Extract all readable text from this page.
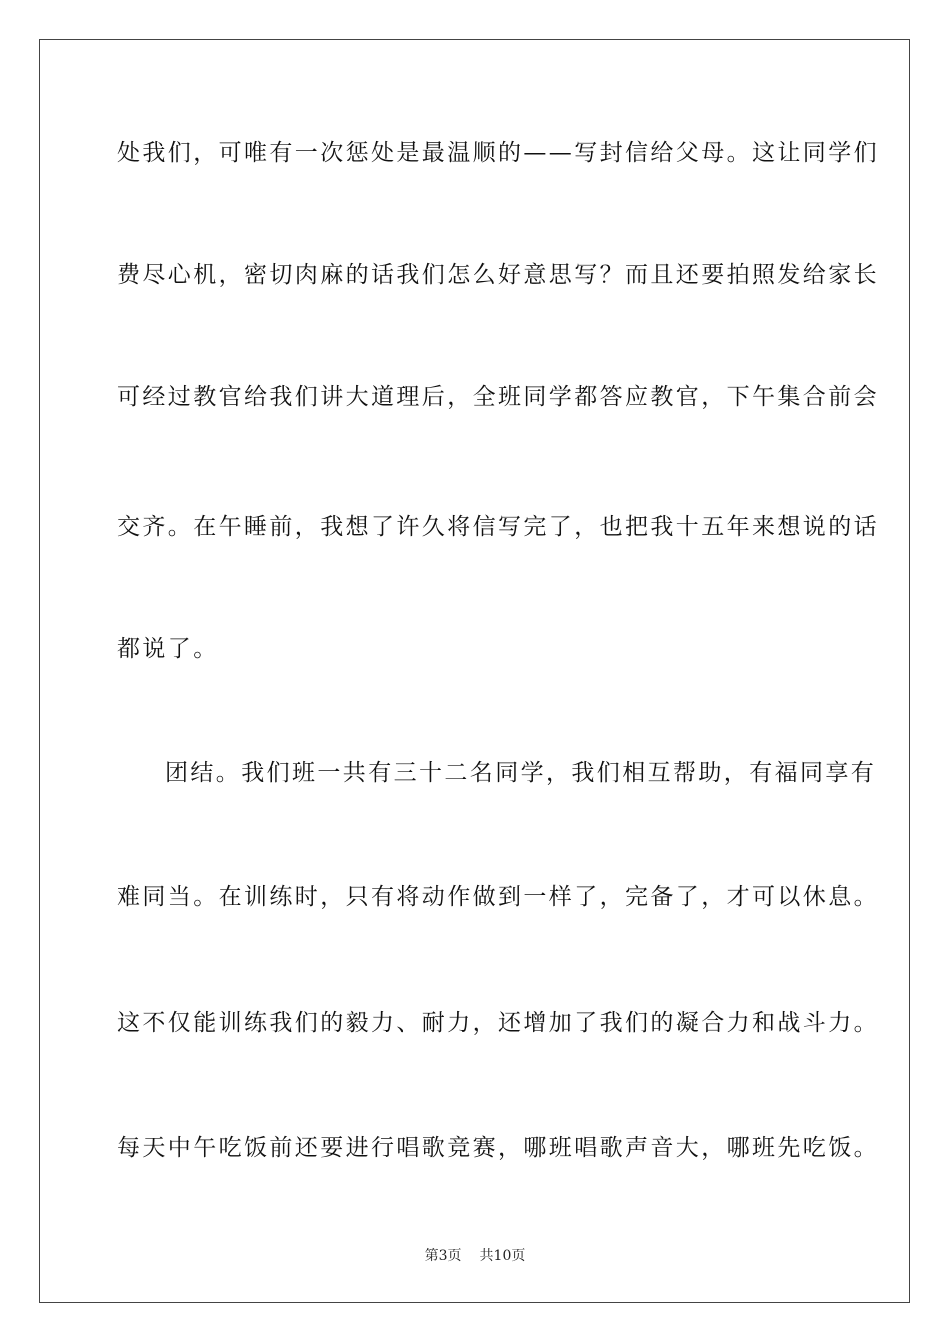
处我们，可唯有一次惩处是最温顺的——写封信给父母。这让同学们
费尽心机，密切肉麻的话我们怎么好意思写？而且还要拍照发给家长
可经过教官给我们讲大道理后，全班同学都答应教官，下午集合前会
交齐。在午睡前，我想了许久将信写完了，也把我十五年来想说的话
都说了。
团结。我们班一共有三十二名同学，我们相互帮助，有福同享有
难同当。在训练时，只有将动作做到一样了，完备了，才可以休息。
这不仅能训练我们的毅力、耐力，还增加了我们的凝合力和战斗力。
每天中午吃饭前还要进行唱歌竞赛，哪班唱歌声音大，哪班先吃饭。
第3页 共10页
